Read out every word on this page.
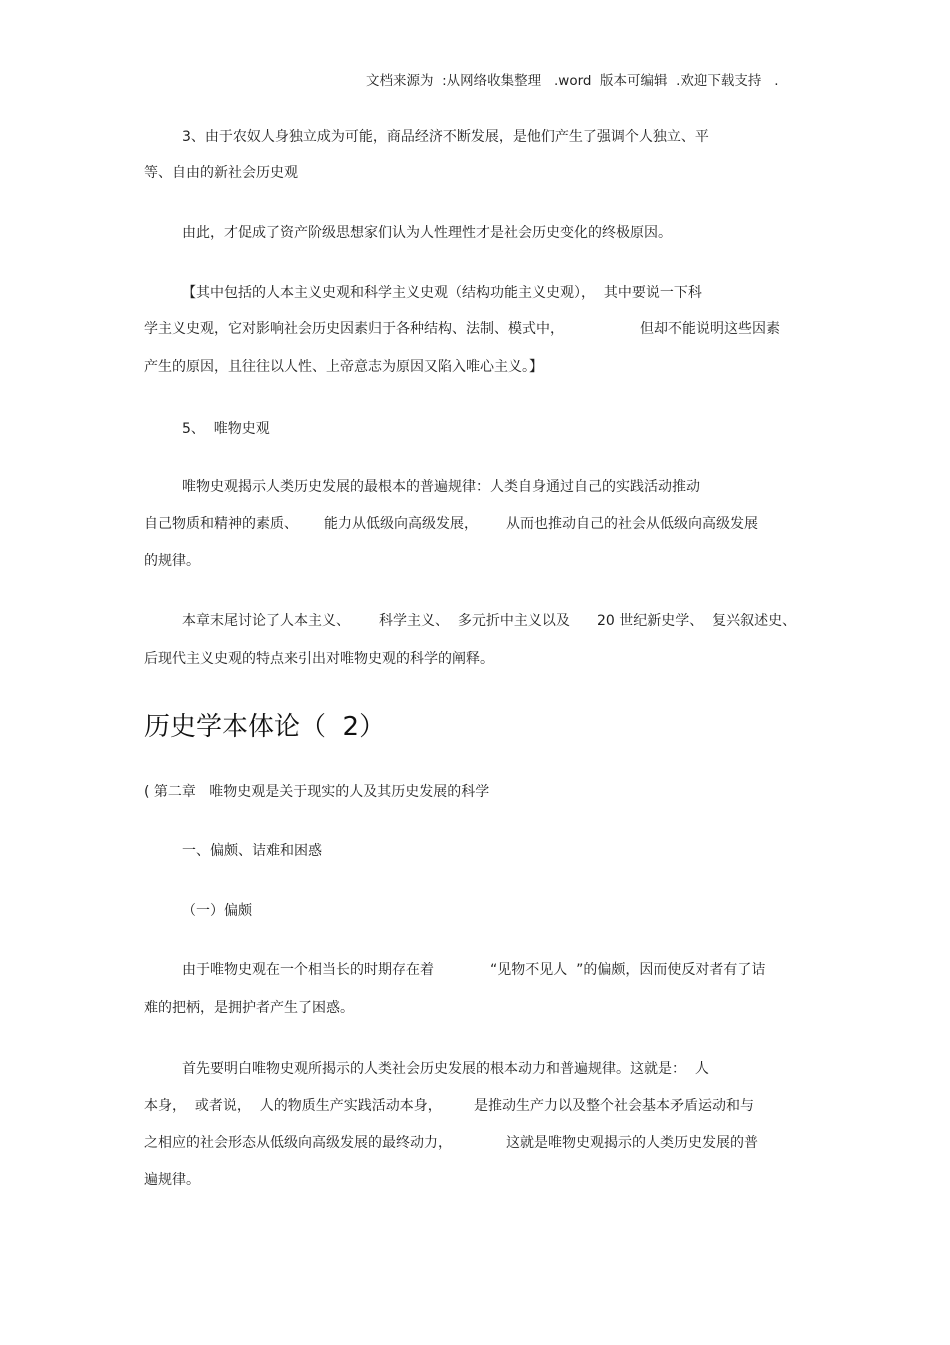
文档来源为  :从网络收集整理   .word  版本可编辑  .欢迎下载支持   .
3、由于农奴人身独立成为可能，商品经济不断发展，是他们产生了强调个人独立、平
等、自由的新社会历史观
由此，才促成了资产阶级思想家们认为人性理性才是社会历史变化的终极原因。
【其中包括的人本主义史观和科学主义史观（结构功能主义史观），  其中要说一下科
学主义史观，它对影响社会历史因素归于各种结构、法制、模式中，	但却不能说明这些因素
产生的原因，且往往以人性、上帝意志为原因又陷入唯心主义。】
5、  唯物史观
唯物史观揭示人类历史发展的最根本的普遍规律：人类自身通过自己的实践活动推动
自己物质和精神的素质、 能力从低级向高级发展， 从而也推动自己的社会从低级向高级发展
的规律。
本章末尾讨论了人本主义、 科学主义、  多元折中主义以及 20 世纪新史学、  复兴叙述史、
后现代主义史观的特点来引出对唯物史观的科学的阐释。
历史学本体论（  2）
( 第二章   唯物史观是关于现实的人及其历史发展的科学
一、偏颇、诘难和困惑
（一）偏颇
由于唯物史观在一个相当长的时期存在着	“见物不见人  ”的偏颇，因而使反对者有了诘
难的把柄，是拥护者产生了困惑。
首先要明白唯物史观所揭示的人类社会历史发展的根本动力和普遍规律。这就是：  人
本身，  或者说，  人的物质生产实践活动本身， 是推动生产力以及整个社会基本矛盾运动和与
之相应的社会形态从低级向高级发展的最终动力，	这就是唯物史观揭示的人类历史发展的普
遍规律。
